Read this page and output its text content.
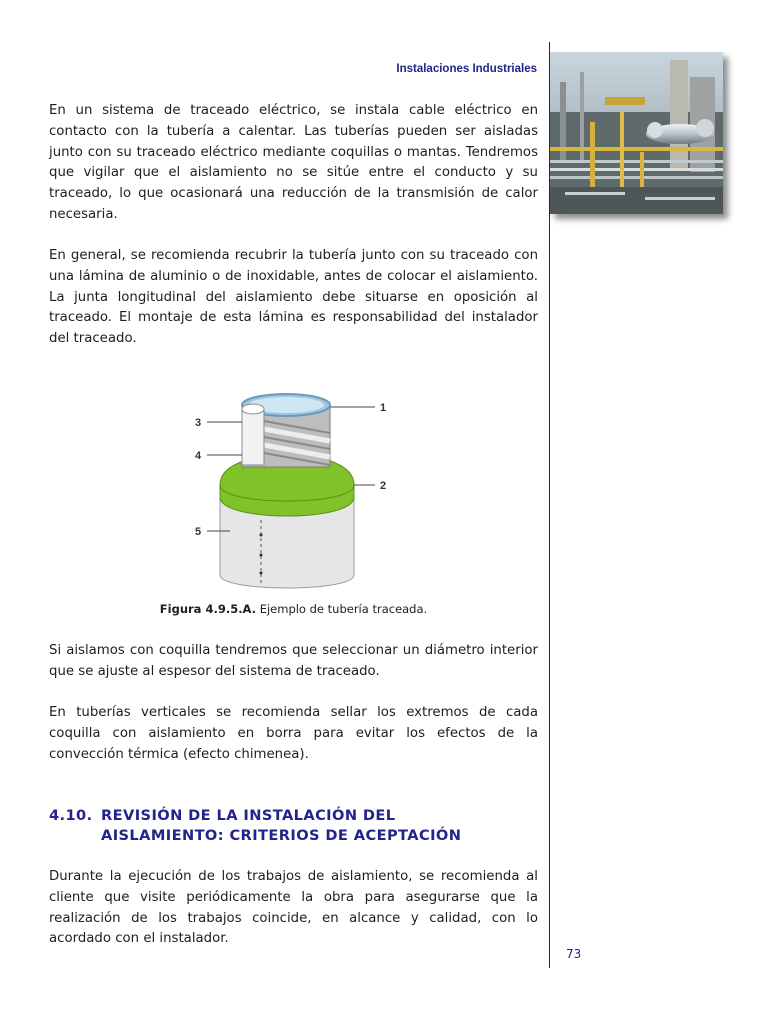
Instalaciones Industriales

En un sistema de traceado eléctrico, se instala cable eléctrico en contacto con la tubería a calentar. Las tuberías pueden ser aisladas junto con su traceado eléctrico mediante coquillas o mantas. Tendremos que vigilar que el aislamiento no se sitúe entre el conducto y su traceado, lo que ocasionará una reducción de la transmisión de calor necesaria.

En general, se recomienda recubrir la tubería junto con su traceado con una lámina de aluminio o de inoxidable, antes de colocar el aislamiento. La junta longitudinal del aislamiento debe situarse en oposición al traceado. El montaje de esta lámina es responsabilidad del instalador del traceado.

1
2
3
4
5
Figura 4.9.5.A. Ejemplo de tubería traceada.

Si aislamos con coquilla tendremos que seleccionar un diámetro interior que se ajuste al espesor del sistema de traceado.

En tuberías verticales se recomienda sellar los extremos de cada coquilla con aislamiento en borra para evitar los efectos de la convección térmica (efecto chimenea).

4.10. REVISIÓN DE LA INSTALACIÓN DEL
AISLAMIENTO: CRITERIOS DE ACEPTACIÓN

Durante la ejecución de los trabajos de aislamiento, se recomienda al cliente que visite periódicamente la obra para asegurarse que la realización de los trabajos coincide, en alcance y calidad, con lo acordado con el instalador.

73
